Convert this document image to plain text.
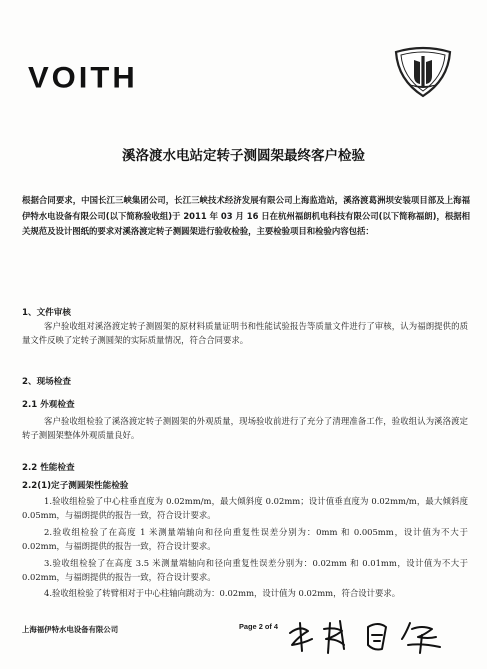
VOITH
溪洛渡水电站定转子测圆架最终客户检验
根据合同要求，中国长江三峡集团公司，长江三峡技术经济发展有限公司上海监造站，溪洛渡葛洲坝安装项目部及上海福伊特水电设备有限公司(以下简称验收组)于 2011 年 03 月 16 日在杭州福朗机电科技有限公司(以下简称福朗)，根据相关规范及设计图纸的要求对溪洛渡定转子测圆架进行验收检验，主要检验项目和检验内容包括：
1、文件审核
客户验收组对溪洛渡定转子测圆架的原材料质量证明书和性能试验报告等质量文件进行了审核，认为福朗提供的质量文件反映了定转子测圆架的实际质量情况，符合合同要求。
2、现场检查
2.1 外观检查
客户验收组检验了溪洛渡定转子测圆架的外观质量，现场验收前进行了充分了清理准备工作，验收组认为溪洛渡定转子测圆架整体外观质量良好。
2.2 性能检查
2.2(1)定子测圆架性能检验
1.验收组检验了中心柱垂直度为 0.02mm/m，最大倾斜度 0.02mm；设计值垂直度为 0.02mm/m，最大倾斜度 0.05mm，与福朗提供的报告一致，符合设计要求。
2.验收组检验了在高度 1 米测量端轴向和径向重复性误差分别为：0mm 和 0.005mm，设计值为不大于 0.02mm，与福朗提供的报告一致，符合设计要求。
3.验收组检验了在高度 3.5 米测量端轴向和径向重复性误差分别为：0.02mm 和 0.01mm，设计值为不大于 0.02mm，与福朗提供的报告一致，符合设计要求。
4.验收组检验了转臂相对于中心柱轴向跳动为：0.02mm，设计值为 0.02mm，符合设计要求。
上海福伊特水电设备有限公司	Page 2 of 4
